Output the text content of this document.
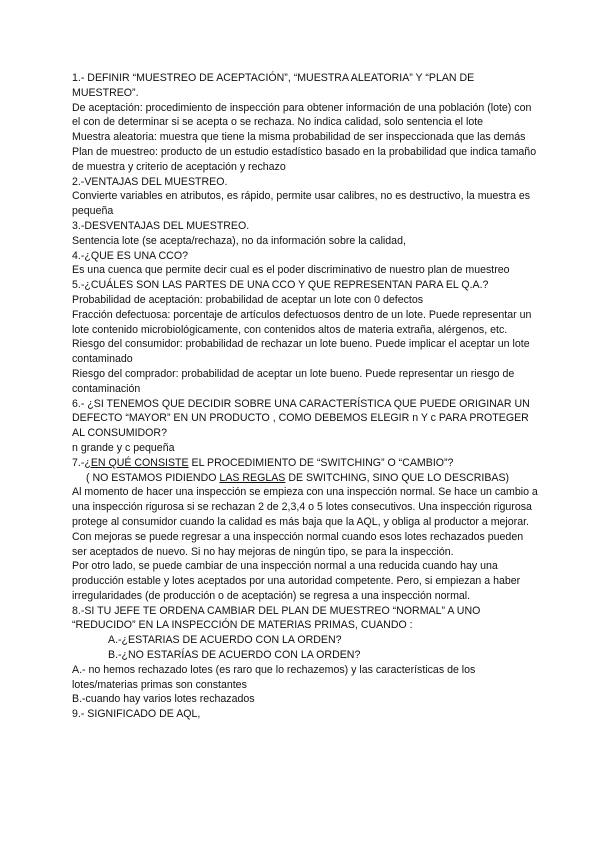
1.- DEFINIR “MUESTREO DE ACEPTACIÓN”, “MUESTRA ALEATORIA” Y “PLAN DE MUESTREO”.
De aceptación: procedimiento de inspección para obtener información de una población (lote) con el con de determinar si se acepta o se rechaza. No indica calidad, solo sentencia el lote
Muestra aleatoria: muestra que tiene la misma probabilidad de ser inspeccionada que las demás
Plan de muestreo: producto de un estudio estadístico basado en la probabilidad que indica tamaño de muestra y criterio de aceptación y rechazo
2.-VENTAJAS DEL MUESTREO.
Convierte variables en atributos, es rápido, permite usar calibres, no es destructivo, la muestra es pequeña
3.-DESVENTAJAS DEL MUESTREO.
Sentencia lote (se acepta/rechaza), no da información sobre la calidad,
4.-¿QUE ES UNA CCO?
Es una cuenca que permite decir cual es el poder discriminativo de nuestro plan de muestreo
5.-¿CUÁLES SON LAS PARTES DE UNA CCO Y QUE REPRESENTAN PARA EL Q.A.?
Probabilidad de aceptación: probabilidad de aceptar un lote con 0 defectos
Fracción defectuosa: porcentaje de artículos defectuosos dentro de un lote. Puede representar un lote contenido microbiológicamente, con contenidos altos de materia extraña, alérgenos, etc.
Riesgo del consumidor: probabilidad de rechazar un lote bueno. Puede implicar el aceptar un lote contaminado
Riesgo del comprador: probabilidad de aceptar un lote bueno. Puede representar un riesgo de contaminación
6.- ¿SI TENEMOS QUE DECIDIR SOBRE UNA CARACTERÍSTICA QUE PUEDE ORIGINAR UN DEFECTO “MAYOR” EN UN PRODUCTO , COMO DEBEMOS ELEGIR n Y c PARA PROTEGER AL CONSUMIDOR?
n grande y c pequeña
7.-¿EN QUÉ CONSISTE EL PROCEDIMIENTO DE “SWITCHING” O “CAMBIO”?
( NO ESTAMOS PIDIENDO LAS REGLAS DE SWITCHING, SINO QUE LO DESCRIBAS)
Al momento de hacer una inspección se empieza con una inspección normal. Se hace un cambio a una inspección rigurosa si se rechazan 2 de 2,3,4 o 5 lotes consecutivos. Una inspección rigurosa protege al consumidor cuando la calidad es más baja que la AQL, y obliga al productor a mejorar. Con mejoras se puede regresar a una inspección normal cuando esos lotes rechazados pueden ser aceptados de nuevo. Si no hay mejoras de ningún tipo, se para la inspección.
Por otro lado, se puede cambiar de una inspección normal a una reducida cuando hay una producción estable y lotes aceptados por una autoridad competente. Pero, si empiezan a haber irregularidades (de producción o de aceptación) se regresa a una inspección normal.
8.-SI TU JEFE TE ORDENA CAMBIAR DEL PLAN DE MUESTREO “NORMAL” A UNO
“REDUCIDO” EN LA INSPECCIÓN DE MATERIAS PRIMAS, CUANDO :
A.-¿ESTARIAS DE ACUERDO CON LA ORDEN?
B.-¿NO ESTARÍAS DE ACUERDO CON LA ORDEN?
A.- no hemos rechazado lotes (es raro que lo rechazemos) y las características de los lotes/materias primas son constantes
B.-cuando hay varios lotes rechazados
9.- SIGNIFICADO DE AQL,
